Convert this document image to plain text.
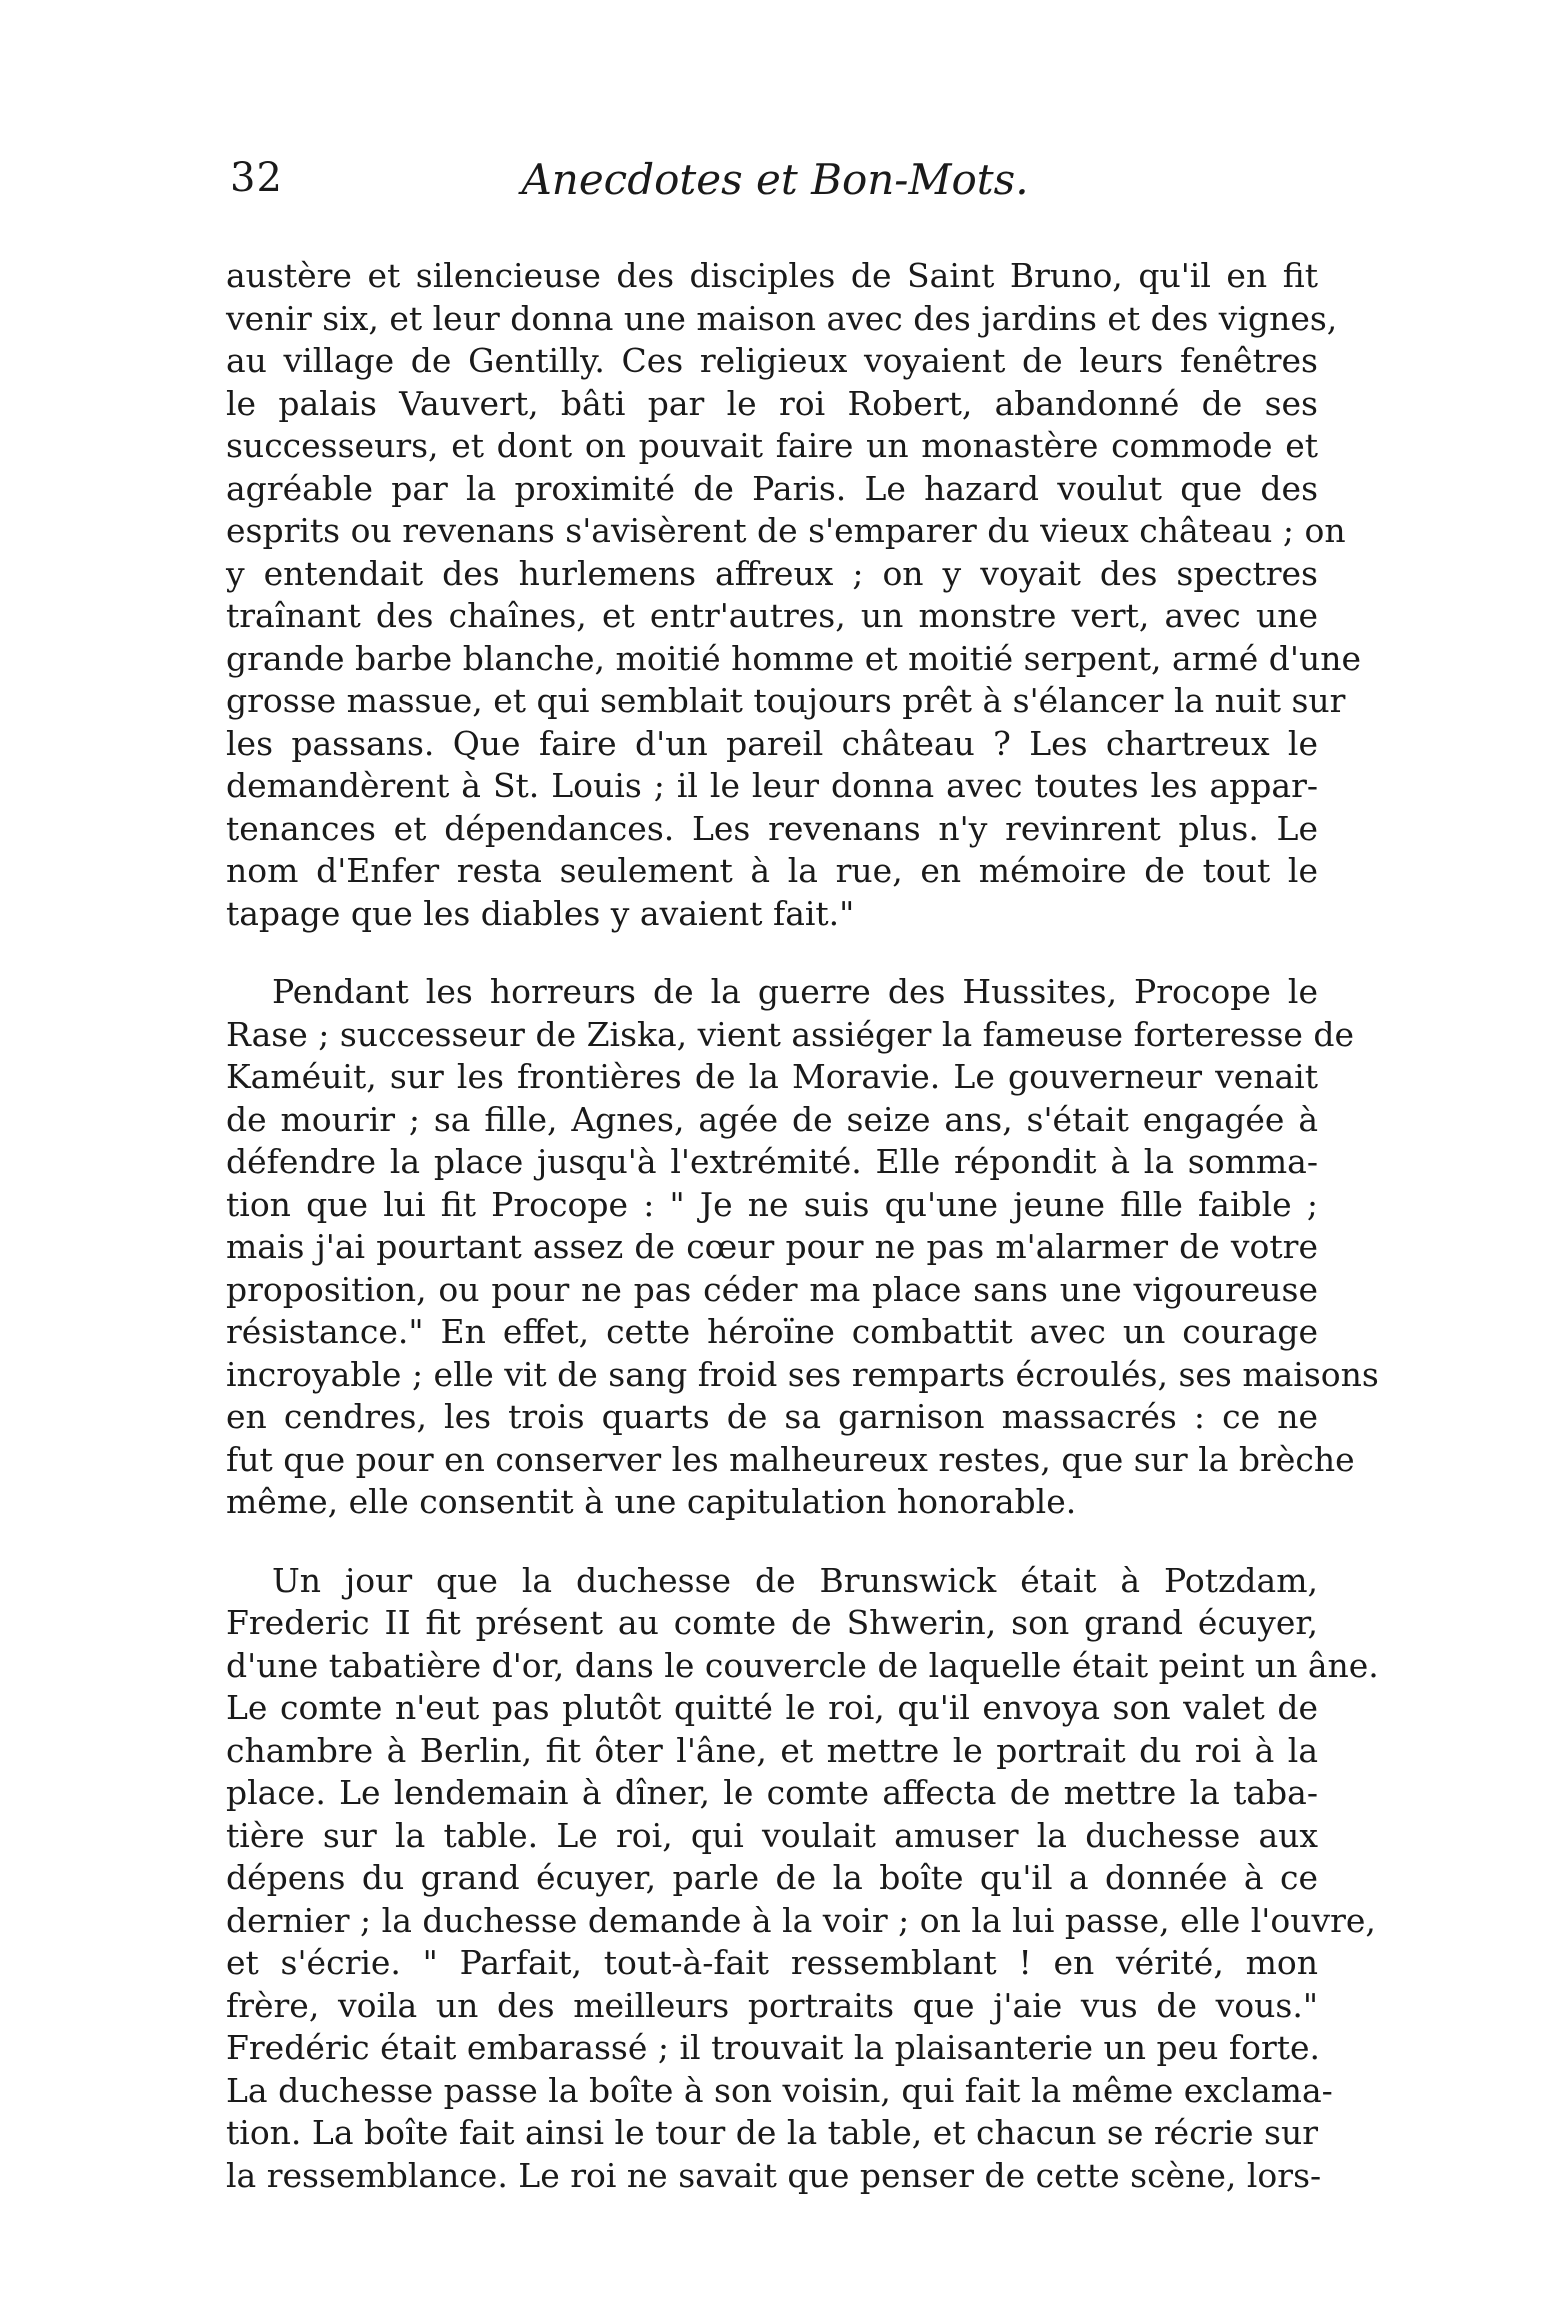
32	Anecdotes et Bon-Mots.
austère et silencieuse des disciples de Saint Bruno, qu'il en fit
venir six, et leur donna une maison avec des jardins et des vignes,
au village de Gentilly. Ces religieux voyaient de leurs fenêtres
le palais Vauvert, bâti par le roi Robert, abandonné de ses
successeurs, et dont on pouvait faire un monastère commode et
agréable par la proximité de Paris. Le hazard voulut que des
esprits ou revenans s'avisèrent de s'emparer du vieux château ; on
y entendait des hurlemens affreux ; on y voyait des spectres
traînant des chaînes, et entr'autres, un monstre vert, avec une
grande barbe blanche, moitié homme et moitié serpent, armé d'une
grosse massue, et qui semblait toujours prêt à s'élancer la nuit sur
les passans. Que faire d'un pareil château ? Les chartreux le
demandèrent à St. Louis ; il le leur donna avec toutes les appar-
tenances et dépendances. Les revenans n'y revinrent plus. Le
nom d'Enfer resta seulement à la rue, en mémoire de tout le
tapage que les diables y avaient fait."
Pendant les horreurs de la guerre des Hussites, Procope le
Rase ; successeur de Ziska, vient assiéger la fameuse forteresse de
Kaméuit, sur les frontières de la Moravie. Le gouverneur venait
de mourir ; sa fille, Agnes, agée de seize ans, s'était engagée à
défendre la place jusqu'à l'extrémité. Elle répondit à la somma-
tion que lui fit Procope : " Je ne suis qu'une jeune fille faible ;
mais j'ai pourtant assez de cœur pour ne pas m'alarmer de votre
proposition, ou pour ne pas céder ma place sans une vigoureuse
résistance." En effet, cette héroïne combattit avec un courage
incroyable ; elle vit de sang froid ses remparts écroulés, ses maisons
en cendres, les trois quarts de sa garnison massacrés : ce ne
fut que pour en conserver les malheureux restes, que sur la brèche
même, elle consentit à une capitulation honorable.
Un jour que la duchesse de Brunswick était à Potzdam,
Frederic II fit présent au comte de Shwerin, son grand écuyer,
d'une tabatière d'or, dans le couvercle de laquelle était peint un âne.
Le comte n'eut pas plutôt quitté le roi, qu'il envoya son valet de
chambre à Berlin, fit ôter l'âne, et mettre le portrait du roi à la
place. Le lendemain à dîner, le comte affecta de mettre la taba-
tière sur la table. Le roi, qui voulait amuser la duchesse aux
dépens du grand écuyer, parle de la boîte qu'il a donnée à ce
dernier ; la duchesse demande à la voir ; on la lui passe, elle l'ouvre,
et s'écrie. " Parfait, tout-à-fait ressemblant ! en vérité, mon
frère, voila un des meilleurs portraits que j'aie vus de vous."
Fredéric était embarassé ; il trouvait la plaisanterie un peu forte.
La duchesse passe la boîte à son voisin, qui fait la même exclama-
tion. La boîte fait ainsi le tour de la table, et chacun se récrie sur
la ressemblance. Le roi ne savait que penser de cette scène, lors-
